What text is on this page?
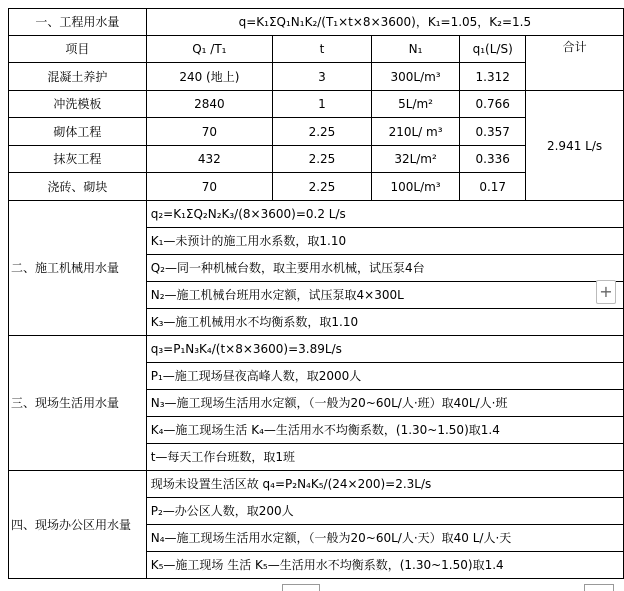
一、工程用水量	q=K₁ΣQ₁N₁K₂/(T₁×t×8×3600)，K₁=1.05，K₂=1.5				
项目	Q₁ /T₁	t	N₁	q₁(L/S)	合计
混凝土养护	240 (地上)	3	300L/m³	1.312	
冲洗模板	2840	1	5L/m²	0.766	2.941 L/s
砌体工程	70	2.25	210L/ m³	0.357	
抹灰工程	432	2.25	32L/m²	0.336	
浇砖、砌块	70	2.25	100L/m³	0.17	
二、施工机械用水量	q₂=K₁ΣQ₂N₂K₃/(8×3600)=0.2 L/s				
	K₁—未预计的施工用水系数，取1.10				
	Q₂—同一种机械台数，取主要用水机械，试压泵4台				
	N₂—施工机械台班用水定额，试压泵取4×300L				
	K₃—施工机械用水不均衡系数，取1.10				
三、现场生活用水量	q₃=P₁N₃K₄/(t×8×3600)=3.89L/s				
	P₁—施工现场昼夜高峰人数，取2000人				
	N₃—施工现场生活用水定额，（一般为20~60L/人·班）取40L/人·班				
	K₄—施工现场生活 K₄—生活用水不均衡系数，(1.30~1.50)取1.4				
	t—每天工作台班数，取1班				
四、现场办公区用水量	现场未设置生活区故 q₄=P₂N₄K₅/(24×200)=2.3L/s				
	P₂—办公区人数，取200人				
	N₄—施工现场生活用水定额，（一般为20~60L/人·天）取40 L/人·天				
	K₅—施工现场 生活 K₅—生活用水不均衡系数，(1.30~1.50)取1.4				
+
